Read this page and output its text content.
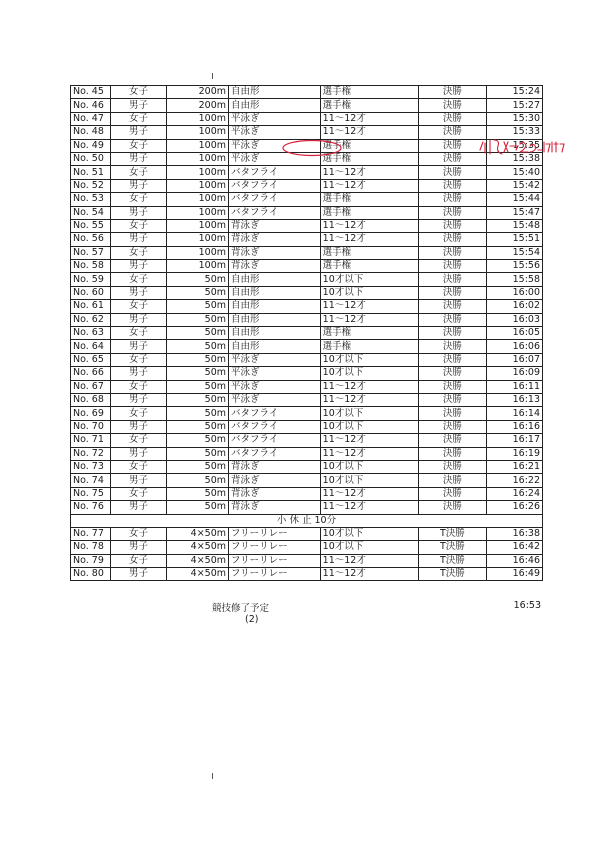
No. 45	女子	200m	自由形	選手権	決勝	15:24
No. 46	男子	200m	自由形	選手権	決勝	15:27
No. 47	女子	100m	平泳ぎ	11～12才	決勝	15:30
No. 48	男子	100m	平泳ぎ	11～12才	決勝	15:33
No. 49	女子	100m	平泳ぎ	選手権	決勝	15:35
No. 50	男子	100m	平泳ぎ	選手権	決勝	15:38
No. 51	女子	100m	バタフライ	11～12才	決勝	15:40
No. 52	男子	100m	バタフライ	11～12才	決勝	15:42
No. 53	女子	100m	バタフライ	選手権	決勝	15:44
No. 54	男子	100m	バタフライ	選手権	決勝	15:47
No. 55	女子	100m	背泳ぎ	11～12才	決勝	15:48
No. 56	男子	100m	背泳ぎ	11～12才	決勝	15:51
No. 57	女子	100m	背泳ぎ	選手権	決勝	15:54
No. 58	男子	100m	背泳ぎ	選手権	決勝	15:56
No. 59	女子	50m	自由形	10才以下	決勝	15:58
No. 60	男子	50m	自由形	10才以下	決勝	16:00
No. 61	女子	50m	自由形	11～12才	決勝	16:02
No. 62	男子	50m	自由形	11～12才	決勝	16:03
No. 63	女子	50m	自由形	選手権	決勝	16:05
No. 64	男子	50m	自由形	選手権	決勝	16:06
No. 65	女子	50m	平泳ぎ	10才以下	決勝	16:07
No. 66	男子	50m	平泳ぎ	10才以下	決勝	16:09
No. 67	女子	50m	平泳ぎ	11～12才	決勝	16:11
No. 68	男子	50m	平泳ぎ	11～12才	決勝	16:13
No. 69	女子	50m	バタフライ	10才以下	決勝	16:14
No. 70	男子	50m	バタフライ	10才以下	決勝	16:16
No. 71	女子	50m	バタフライ	11～12才	決勝	16:17
No. 72	男子	50m	バタフライ	11～12才	決勝	16:19
No. 73	女子	50m	背泳ぎ	10才以下	決勝	16:21
No. 74	男子	50m	背泳ぎ	10才以下	決勝	16:22
No. 75	女子	50m	背泳ぎ	11～12才	決勝	16:24
No. 76	男子	50m	背泳ぎ	11～12才	決勝	16:26
小 休 止 10分						
No. 77	女子	4×50m	フリーリレー	10才以下	T決勝	16:38
No. 78	男子	4×50m	フリーリレー	10才以下	T決勝	16:42
No. 79	女子	4×50m	フリーリレー	11～12才	T決勝	16:46
No. 80	男子	4×50m	フリーリレー	11～12才	T決勝	16:49
競技修了予定	16:53
(2)
